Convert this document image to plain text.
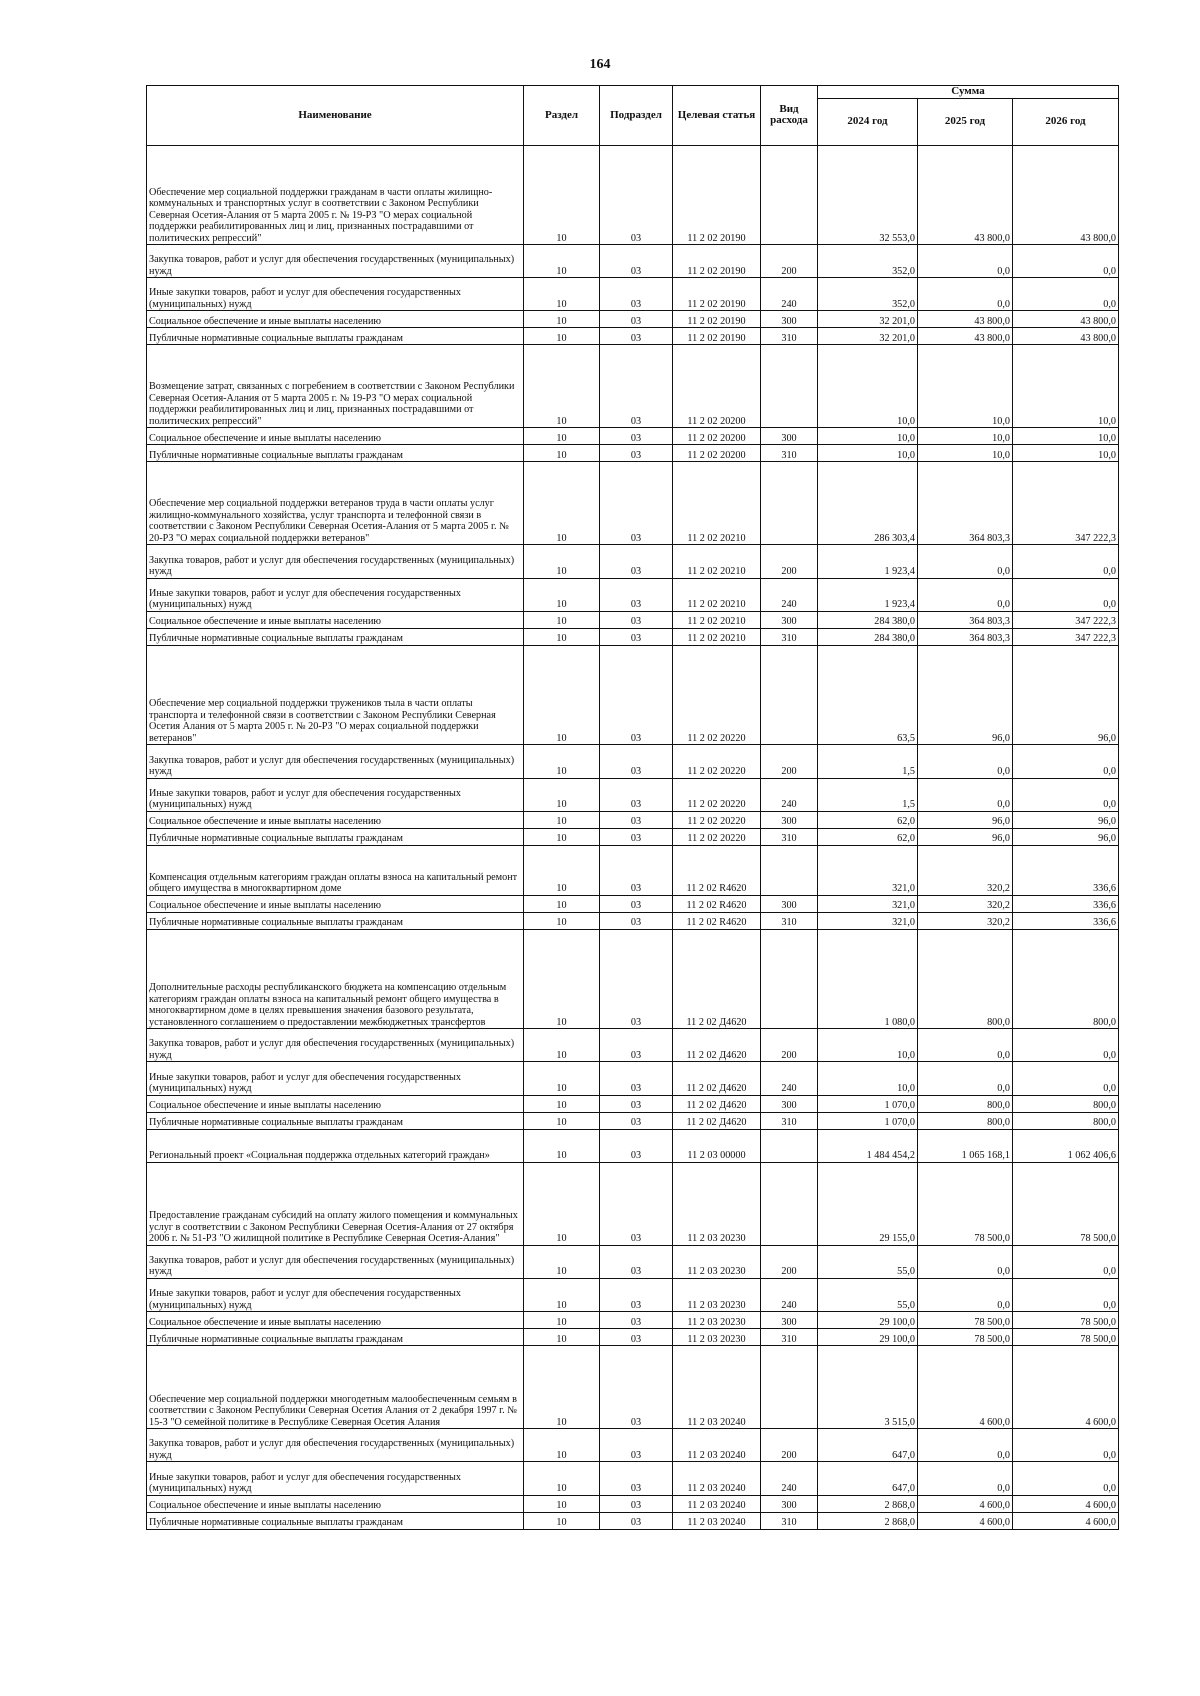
164
Наименование	Раздел	Подраздел	Целевая статья	Вид расхода	Сумма		
					2024 год	2025 год	2026 год
Обеспечение мер социальной поддержки гражданам в части оплаты жилищно-коммунальных и транспортных услуг в соответствии с Законом Республики Северная Осетия-Алания от 5 марта 2005 г. № 19-РЗ "О мерах социальной поддержки реабилитированных лиц и лиц, признанных пострадавшими от политических репрессий"	10	03	11 2 02 20190		32 553,0	43 800,0	43 800,0
Закупка товаров, работ и услуг для обеспечения государственных (муниципальных) нужд	10	03	11 2 02 20190	200	352,0	0,0	0,0
Иные закупки товаров, работ и услуг для обеспечения государственных (муниципальных) нужд	10	03	11 2 02 20190	240	352,0	0,0	0,0
Социальное обеспечение и иные выплаты населению	10	03	11 2 02 20190	300	32 201,0	43 800,0	43 800,0
Публичные нормативные социальные выплаты гражданам	10	03	11 2 02 20190	310	32 201,0	43 800,0	43 800,0
Возмещение затрат, связанных с погребением в соответствии с Законом Республики Северная Осетия-Алания от 5 марта 2005 г. № 19-РЗ "О мерах социальной поддержки реабилитированных лиц и лиц, признанных пострадавшими от политических репрессий"	10	03	11 2 02 20200		10,0	10,0	10,0
Социальное обеспечение и иные выплаты населению	10	03	11 2 02 20200	300	10,0	10,0	10,0
Публичные нормативные социальные выплаты гражданам	10	03	11 2 02 20200	310	10,0	10,0	10,0
Обеспечение мер социальной поддержки ветеранов труда в части оплаты услуг жилищно-коммунального хозяйства, услуг транспорта и телефонной связи в соответствии с Законом Республики Северная Осетия-Алания от 5 марта 2005 г. № 20-РЗ "О мерах социальной поддержки ветеранов"	10	03	11 2 02 20210		286 303,4	364 803,3	347 222,3
Закупка товаров, работ и услуг для обеспечения государственных (муниципальных) нужд	10	03	11 2 02 20210	200	1 923,4	0,0	0,0
Иные закупки товаров, работ и услуг для обеспечения государственных (муниципальных) нужд	10	03	11 2 02 20210	240	1 923,4	0,0	0,0
Социальное обеспечение и иные выплаты населению	10	03	11 2 02 20210	300	284 380,0	364 803,3	347 222,3
Публичные нормативные социальные выплаты гражданам	10	03	11 2 02 20210	310	284 380,0	364 803,3	347 222,3
Обеспечение мер социальной поддержки тружеников тыла в части оплаты транспорта и телефонной связи в соответствии с Законом Республики Северная Осетия Алания от 5 марта 2005 г. № 20-РЗ "О мерах социальной поддержки ветеранов"	10	03	11 2 02 20220		63,5	96,0	96,0
Закупка товаров, работ и услуг для обеспечения государственных (муниципальных) нужд	10	03	11 2 02 20220	200	1,5	0,0	0,0
Иные закупки товаров, работ и услуг для обеспечения государственных (муниципальных) нужд	10	03	11 2 02 20220	240	1,5	0,0	0,0
Социальное обеспечение и иные выплаты населению	10	03	11 2 02 20220	300	62,0	96,0	96,0
Публичные нормативные социальные выплаты гражданам	10	03	11 2 02 20220	310	62,0	96,0	96,0
Компенсация отдельным категориям граждан оплаты взноса на капитальный ремонт общего имущества в многоквартирном доме	10	03	11 2 02 R4620		321,0	320,2	336,6
Социальное обеспечение и иные выплаты населению	10	03	11 2 02 R4620	300	321,0	320,2	336,6
Публичные нормативные социальные выплаты гражданам	10	03	11 2 02 R4620	310	321,0	320,2	336,6
Дополнительные расходы республиканского бюджета на компенсацию отдельным категориям граждан оплаты взноса на капитальный ремонт общего имущества в многоквартирном доме в целях превышения значения базового результата, установленного соглашением о предоставлении межбюджетных трансфертов	10	03	11 2 02 Д4620		1 080,0	800,0	800,0
Закупка товаров, работ и услуг для обеспечения государственных (муниципальных) нужд	10	03	11 2 02 Д4620	200	10,0	0,0	0,0
Иные закупки товаров, работ и услуг для обеспечения государственных (муниципальных) нужд	10	03	11 2 02 Д4620	240	10,0	0,0	0,0
Социальное обеспечение и иные выплаты населению	10	03	11 2 02 Д4620	300	1 070,0	800,0	800,0
Публичные нормативные социальные выплаты гражданам	10	03	11 2 02 Д4620	310	1 070,0	800,0	800,0
Региональный проект «Социальная поддержка отдельных категорий граждан»	10	03	11 2 03 00000		1 484 454,2	1 065 168,1	1 062 406,6
Предоставление гражданам субсидий на оплату жилого помещения и коммунальных услуг в соответствии с Законом Республики Северная Осетия-Алания от 27 октября 2006 г. № 51-РЗ "О жилищной политике в Республике Северная Осетия-Алания"	10	03	11 2 03 20230		29 155,0	78 500,0	78 500,0
Закупка товаров, работ и услуг для обеспечения государственных (муниципальных) нужд	10	03	11 2 03 20230	200	55,0	0,0	0,0
Иные закупки товаров, работ и услуг для обеспечения государственных (муниципальных) нужд	10	03	11 2 03 20230	240	55,0	0,0	0,0
Социальное обеспечение и иные выплаты населению	10	03	11 2 03 20230	300	29 100,0	78 500,0	78 500,0
Публичные нормативные социальные выплаты гражданам	10	03	11 2 03 20230	310	29 100,0	78 500,0	78 500,0
Обеспечение мер социальной поддержки многодетным малообеспеченным семьям в соответствии с Законом Республики Северная Осетия Алания от 2 декабря 1997 г. № 15-З "О семейной политике в Республике Северная Осетия Алания	10	03	11 2 03 20240		3 515,0	4 600,0	4 600,0
Закупка товаров, работ и услуг для обеспечения государственных (муниципальных) нужд	10	03	11 2 03 20240	200	647,0	0,0	0,0
Иные закупки товаров, работ и услуг для обеспечения государственных (муниципальных) нужд	10	03	11 2 03 20240	240	647,0	0,0	0,0
Социальное обеспечение и иные выплаты населению	10	03	11 2 03 20240	300	2 868,0	4 600,0	4 600,0
Публичные нормативные социальные выплаты гражданам	10	03	11 2 03 20240	310	2 868,0	4 600,0	4 600,0
